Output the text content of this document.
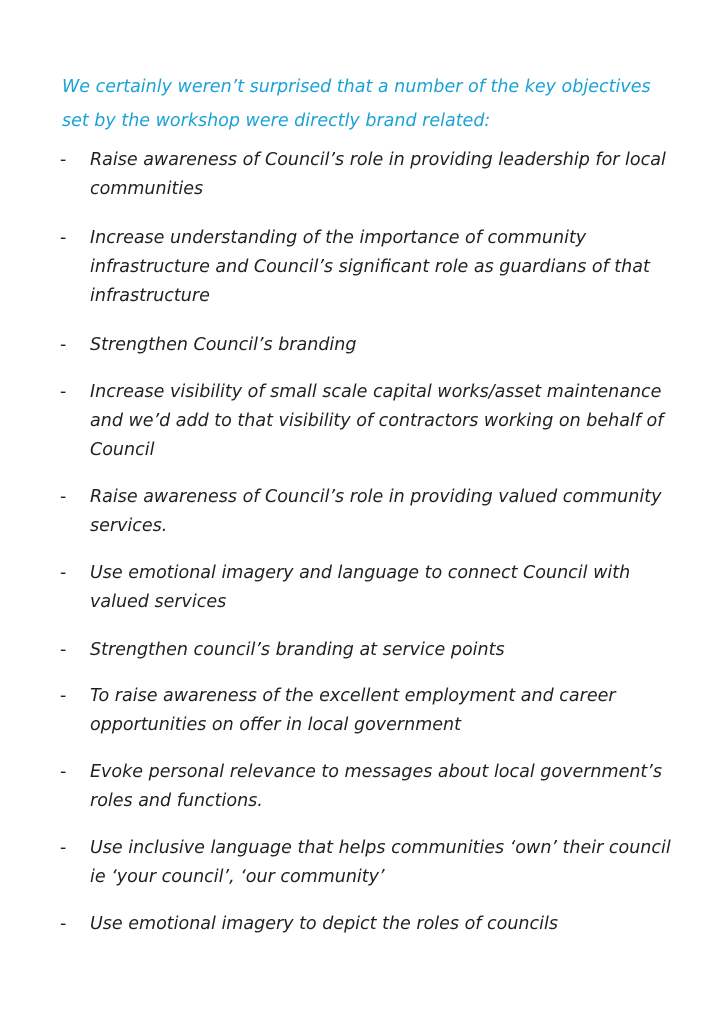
We certainly weren’t surprised that a number of the key objectives set by the workshop were directly brand related:

- Raise awareness of Council’s role in providing leadership for local communities

- Increase understanding of the importance of community infrastructure and Council’s significant role as guardians of that infrastructure

- Strengthen Council’s branding

- Increase visibility of small scale capital works/asset maintenance and we’d add to that visibility of contractors working on behalf of Council

- Raise awareness of Council’s role in providing valued community services.

- Use emotional imagery and language to connect Council with valued services

- Strengthen council’s branding at service points

- To raise awareness of the excellent employment and career opportunities on offer in local government

- Evoke personal relevance to messages about local government’s roles and functions.

- Use inclusive language that helps communities ‘own’ their council ie ‘your council’, ‘our community’

- Use emotional imagery to depict the roles of councils
